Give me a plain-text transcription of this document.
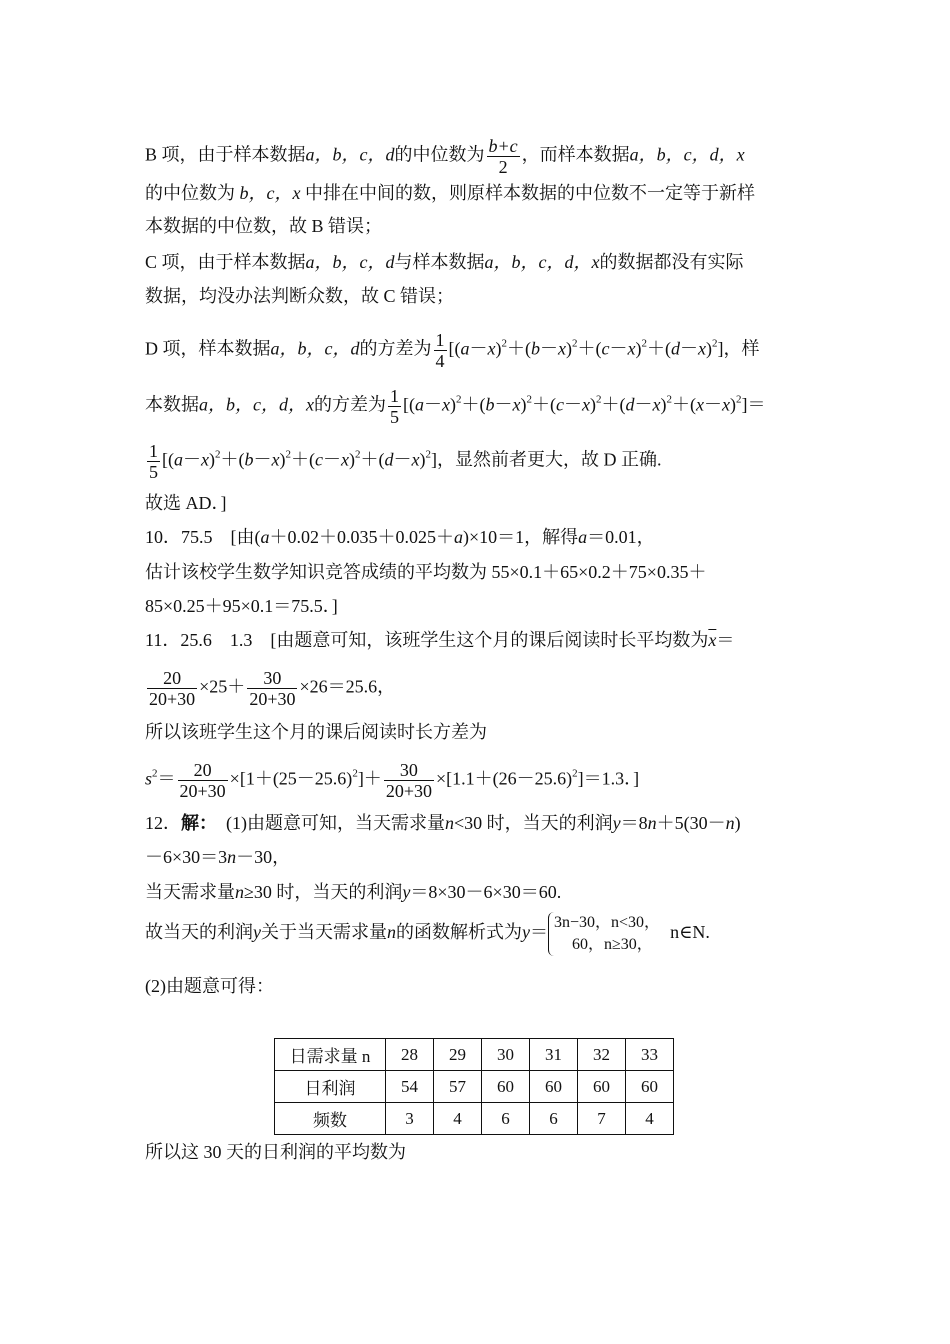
B 项，由于样本数据a，b，c，d的中位数为 $\frac{b+c}{2}$ ，而样本数据a，b，c，d，x
的中位数为 b，c，x 中排在中间的数，则原样本数据的中位数不一定等于新样
本数据的中位数，故 B 错误；
C 项，由于样本数据a，b，c，d与样本数据a，b，c，d，x的数据都没有实际
数据，均没办法判断众数，故 C 错误；
D 项，样本数据a，b，c，d的方差为 $\frac{1}{4} [(a-x)^2+(b-x)^2+(c-x)^2+(d-x)^2]$，样
本数据a，b，c，d，x的方差为 $\frac{1}{5} [(a-x)^2+(b-x)^2+(c-x)^2+(d-x)^2+(x-x)^2]=$
$\frac{1}{5} [(a-x)^2+(b-x)^2+(c-x)^2+(d-x)^2]$，显然前者更大，故 D 正确.
故选 AD．]
10．75.5　[由(a＋0.02＋0.035＋0.025＋a)×10＝1，解得a＝0.01，
估计该校学生数学知识竞答成绩的平均数为 55×0.1＋65×0.2＋75×0.35＋
85×0.25＋95×0.1＝75.5．]
11．25.6　1.3　 [由题意可知，该班学生这个月的课后阅读时长平均数为$\overline{x}=$
$\frac{20}{20+30} \times 25+ \frac{30}{20+30} \times 26=25.6$，
所以该班学生这个月的课后阅读时长方差为
$s^2= \frac{20}{20+30} \times[1+(25-25.6)^2]+ \frac{30}{20+30} \times[1.1+(26-25.6)^2]=1.3$．]
12．解：　 (1)由题意可知，当天需求量n<30 时，当天的利润y＝8n＋5(30－n)
－6×30＝3n－30，
当天需求量n≥30 时，当天的利润y＝8×30－6×30＝60.
故当天的利润y关于当天需求量n的函数解析式为y＝ 3n−30，n<30，
60，n≥30，
n∈N.
(2)由题意可得：
日需求量 n	28	29	30	31	32	33
日利润	54	57	60	60	60	60
频数	3	4	6	6	7	4
所以这 30 天的日利润的平均数为
